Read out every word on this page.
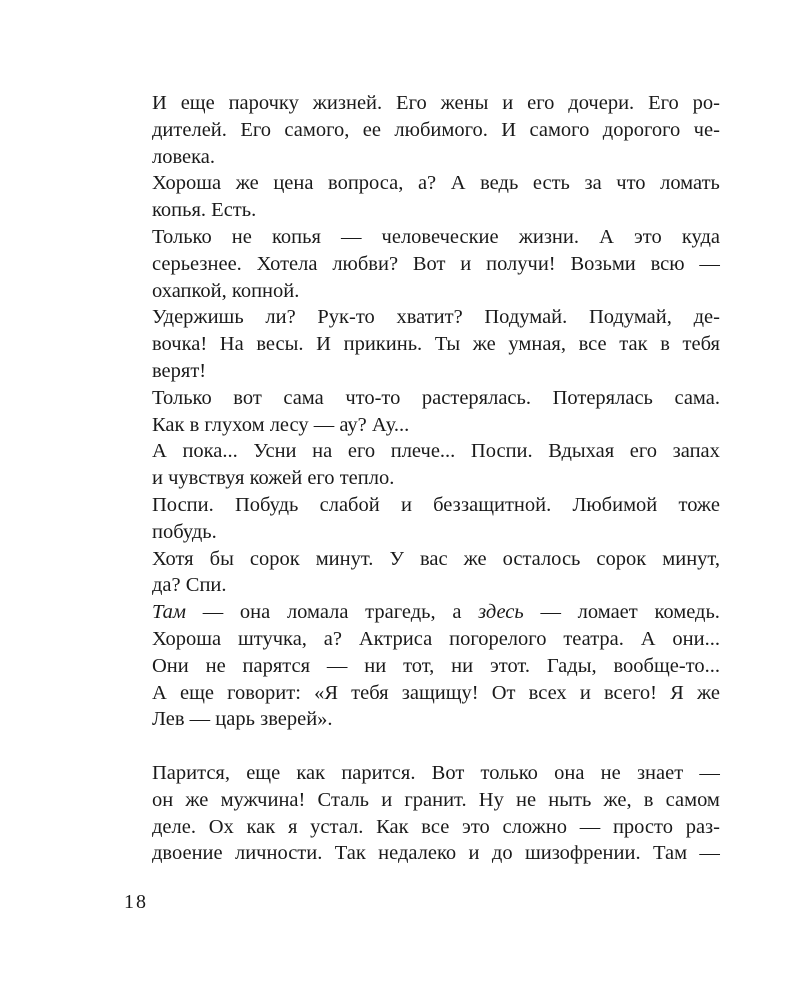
И еще парочку жизней. Его жены и его дочери. Его ро-
дителей. Его самого, ее любимого. И самого дорогого че-
ловека.
Хороша же цена вопроса, а? А ведь есть за что ломать
копья.
Есть.
Только не копья — человеческие жизни. А это куда
серьезнее. Хотела любви? Вот и получи! Возьми всю —
охапкой,
копной.
Удержишь ли? Рук-то хватит? Подумай. Подумай, де-
вочка! На весы. И прикинь. Ты же умная, все так в тебя
верят!
Только вот сама что-то растерялась. Потерялась сама.
Как
в
глухом
лесу
—
ау?
Ау...
А пока... Усни на его плече... Поспи. Вдыхая его запах
и
чувствуя
кожей
его
тепло.
Поспи. Побудь слабой и беззащитной. Любимой тоже
побудь.
Хотя бы сорок минут. У вас же осталось сорок минут,
да?
Спи.
Там — она ломала трагедь, а здесь — ломает комедь.
Хороша штучка, а? Актриса погорелого театра. А они...
Они не парятся — ни тот, ни этот. Гады, вообще-то...
А еще говорит: «Я тебя защищу! От всех и всего! Я же
Лев
—
царь
зверей».
Парится, еще как парится. Вот только она не знает —
он же мужчина! Сталь и гранит. Ну не ныть же, в самом
деле. Ох как я устал. Как все это сложно — просто раз-
двоение личности. Так недалеко и до шизофрении. Там —
18
